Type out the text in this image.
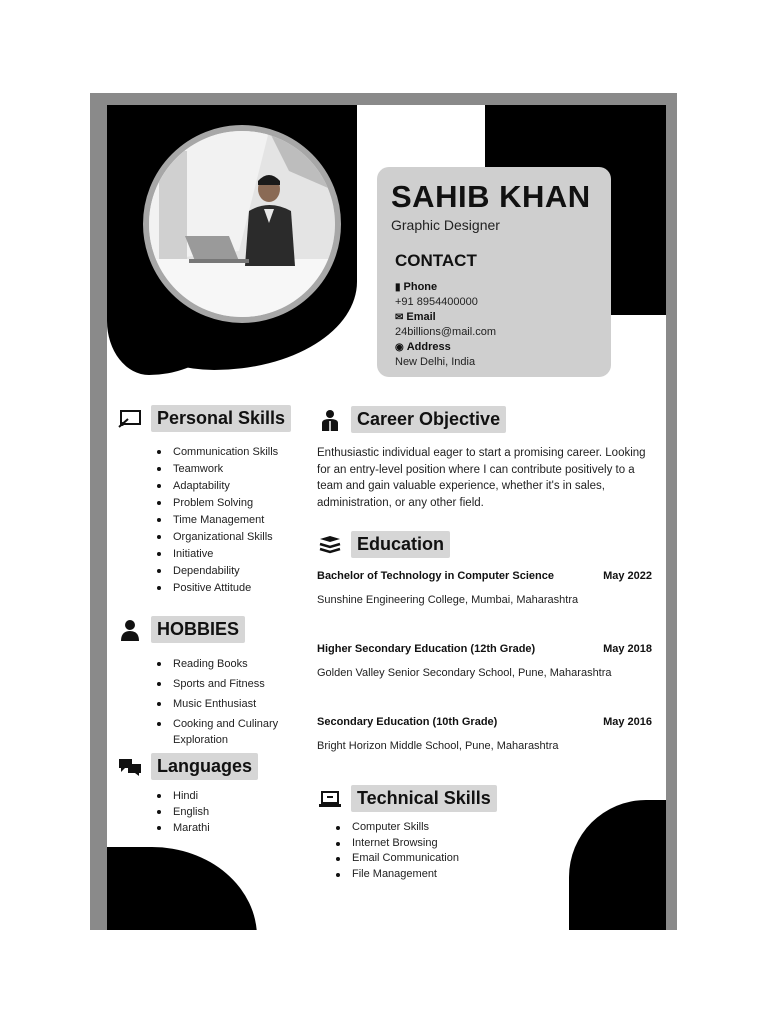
SAHIB KHAN
Graphic Designer
CONTACT
▮ Phone
+91 8954400000
✉ Email
24billions@mail.com
◉ Address
New Delhi, India
Personal Skills
Communication Skills
Teamwork
Adaptability
Problem Solving
Time Management
Organizational Skills
Initiative
Dependability
Positive Attitude
HOBBIES
Reading Books
Sports and Fitness
Music Enthusiast
Cooking and Culinary Exploration
Languages
Hindi
English
Marathi
Career Objective
Enthusiastic individual eager to start a promising career. Looking for an entry-level position where I can contribute positively to a team and gain valuable experience, whether it's in sales, administration, or any other field.
Education
Bachelor of Technology in Computer Science	May 2022
Sunshine Engineering College, Mumbai, Maharashtra
Higher Secondary Education (12th Grade)	May 2018
Golden Valley Senior Secondary School, Pune, Maharashtra
Secondary Education (10th Grade)	May 2016
Bright Horizon Middle School, Pune, Maharashtra
Technical Skills
Computer Skills
Internet Browsing
Email Communication
File Management
